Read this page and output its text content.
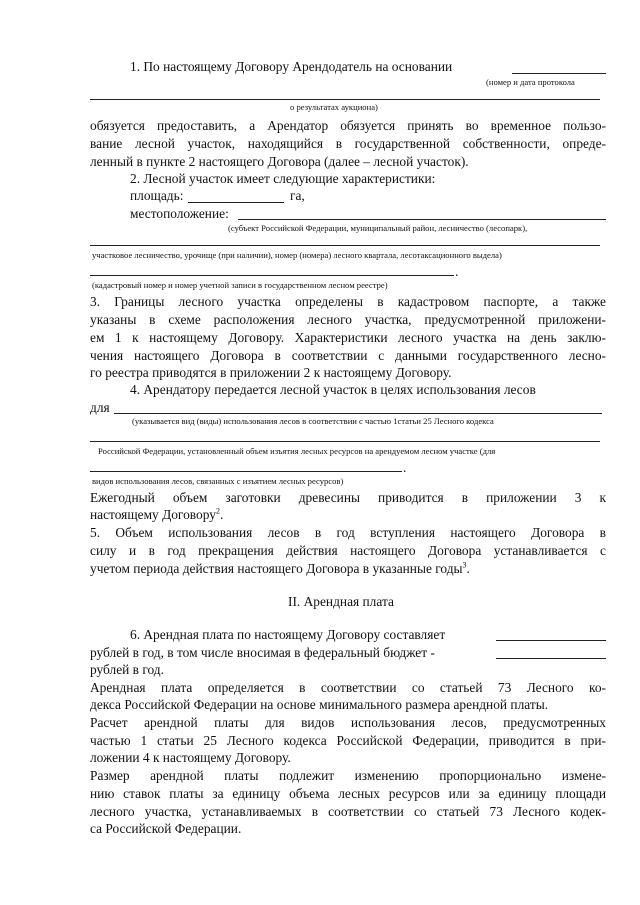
1. По настоящему Договору Арендодатель на основании
(номер и дата протокола
о результатах аукциона)
обязуется предоставить, а Арендатор обязуется принять во временное пользо-
вание лесной участок, находящийся в государственной собственности, опреде-
ленный в пункте 2 настоящего Договора (далее – лесной участок).
2. Лесной участок имеет следующие характеристики:
площадь:	га,
местоположение:
(субъект Российской Федерации, муниципальный район, лесничество (лесопарк),
участковое лесничество, урочище (при наличии), номер (номера) лесного квартала, лесотаксационного выдела)
.
(кадастровый номер и номер учетной записи в государственном лесном реестре)
3. Границы лесного участка определены в кадастровом паспорте, а также
указаны в схеме расположения лесного участка, предусмотренной приложени-
ем 1 к настоящему Договору. Характеристики лесного участка на день заклю-
чения настоящего Договора в соответствии с данными государственного лесно-
го реестра приводятся в приложении 2 к настоящему Договору.
4. Арендатору передается лесной участок в целях использования лесов
для
(указывается вид (виды) использования лесов в соответствии с частью 1статьи 25 Лесного кодекса
Российской Федерации, установленный объем изъятия лесных ресурсов на арендуемом лесном участке (для
.
видов использования лесов, связанных с изъятием лесных ресурсов)
Ежегодный объем заготовки древесины приводится в приложении 3 к
настоящему Договору$^2$.
5. Объем использования лесов в год вступления настоящего Договора в
силу и в год прекращения действия настоящего Договора устанавливается с
учетом периода действия настоящего Договора в указанные годы$^3$.
II. Арендная плата
6. Арендная плата по настоящему Договору составляет
рублей в год, в том числе вносимая в федеральный бюджет -
рублей в год.
Арендная плата определяется в соответствии со статьей 73 Лесного ко-
декса Российской Федерации на основе минимального размера арендной платы.
Расчет арендной платы для видов использования лесов, предусмотренных
частью 1 статьи 25 Лесного кодекса Российской Федерации, приводится в при-
ложении 4 к настоящему Договору.
Размер арендной платы подлежит изменению пропорционально измене-
нию ставок платы за единицу объема лесных ресурсов или за единицу площади
лесного участка, устанавливаемых в соответствии со статьей 73 Лесного кодек-
са Российской Федерации.
